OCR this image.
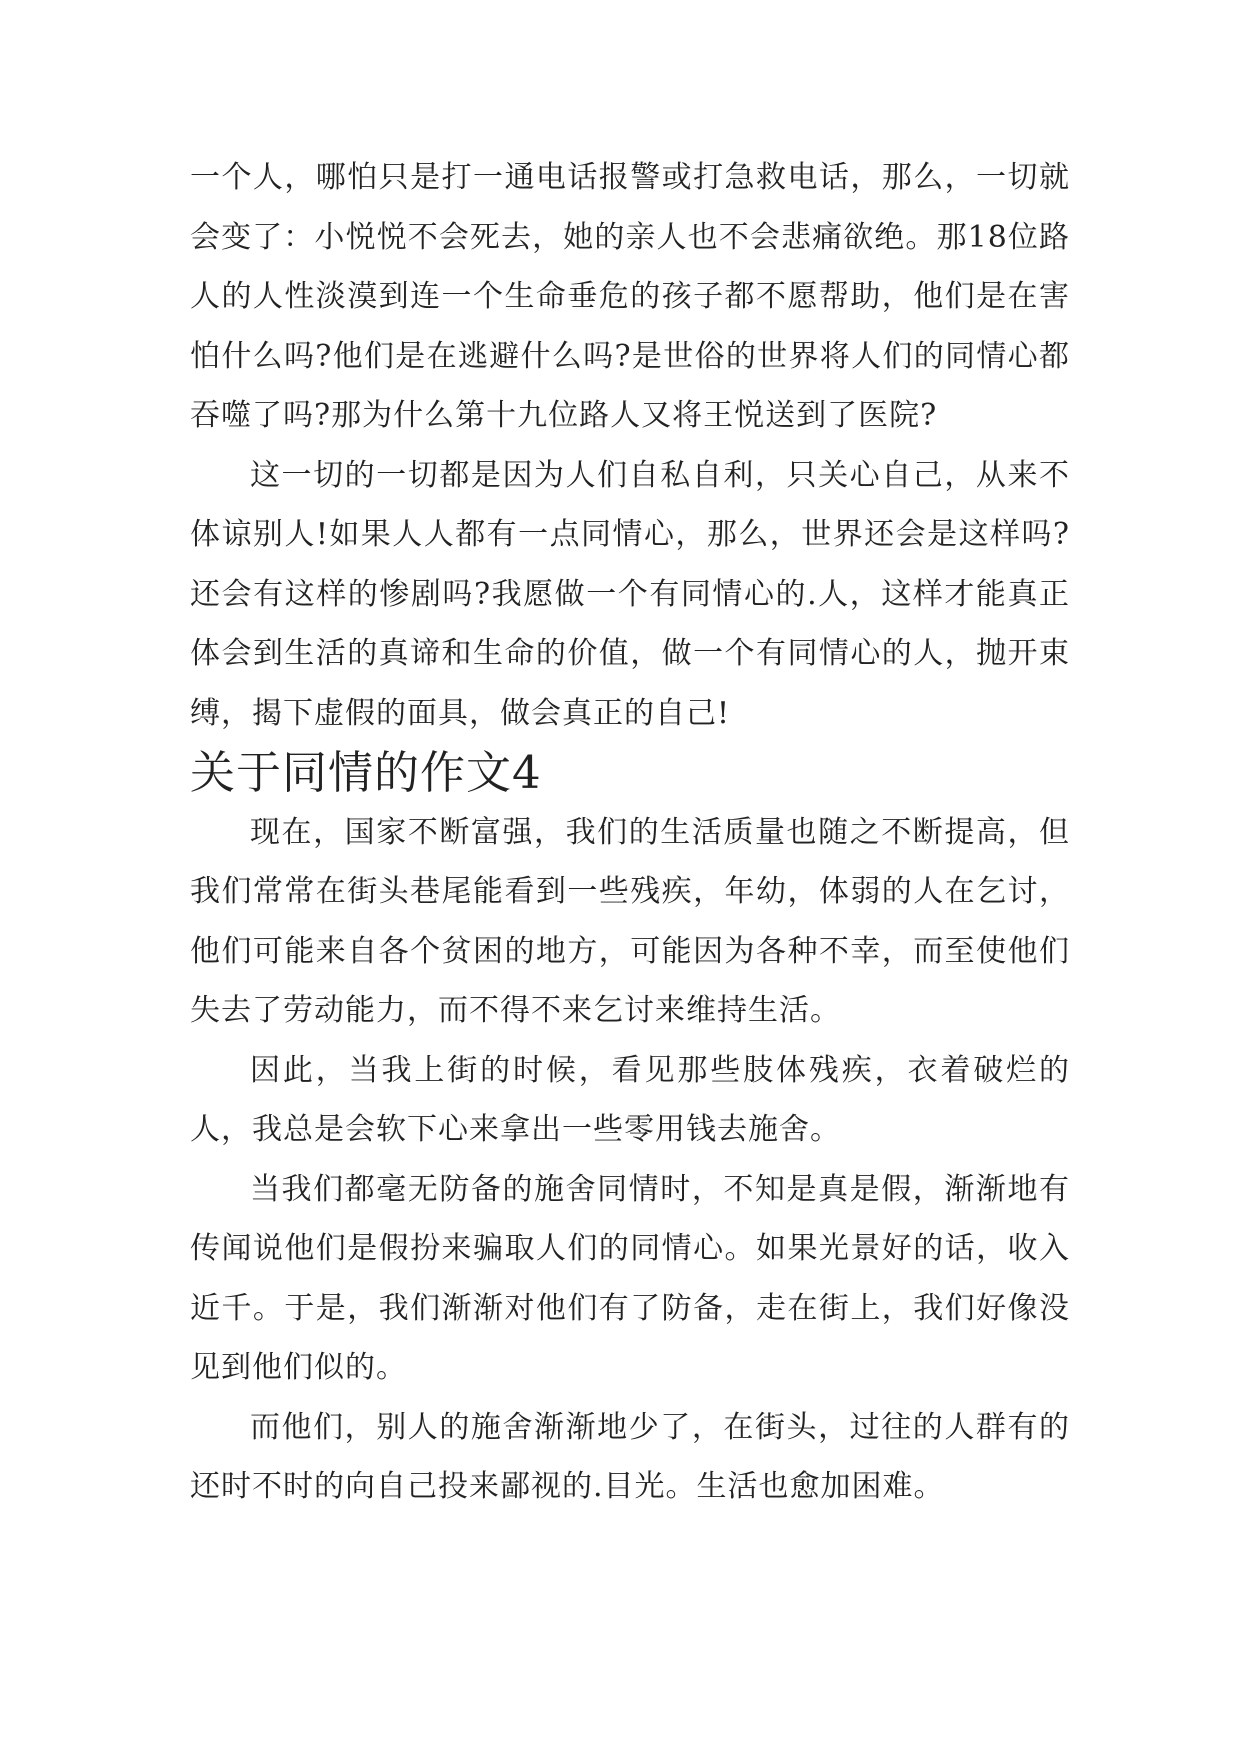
一个人，哪怕只是打一通电话报警或打急救电话，那么，一切就会变了：小悦悦不会死去，她的亲人也不会悲痛欲绝。那18位路人的人性淡漠到连一个生命垂危的孩子都不愿帮助，他们是在害怕什么吗?他们是在逃避什么吗?是世俗的世界将人们的同情心都吞噬了吗?那为什么第十九位路人又将王悦送到了医院?

这一切的一切都是因为人们自私自利，只关心自己，从来不体谅别人!如果人人都有一点同情心，那么，世界还会是这样吗?还会有这样的惨剧吗?我愿做一个有同情心的.人，这样才能真正体会到生活的真谛和生命的价值，做一个有同情心的人，抛开束缚，揭下虚假的面具，做会真正的自己!

关于同情的作文4

现在，国家不断富强，我们的生活质量也随之不断提高，但我们常常在街头巷尾能看到一些残疾，年幼，体弱的人在乞讨，他们可能来自各个贫困的地方，可能因为各种不幸，而至使他们失去了劳动能力，而不得不来乞讨来维持生活。

因此，当我上街的时候，看见那些肢体残疾，衣着破烂的人，我总是会软下心来拿出一些零用钱去施舍。

当我们都毫无防备的施舍同情时，不知是真是假，渐渐地有传闻说他们是假扮来骗取人们的同情心。如果光景好的话，收入近千。于是，我们渐渐对他们有了防备，走在街上，我们好像没见到他们似的。

而他们，别人的施舍渐渐地少了，在街头，过往的人群有的还时不时的向自己投来鄙视的.目光。生活也愈加困难。
